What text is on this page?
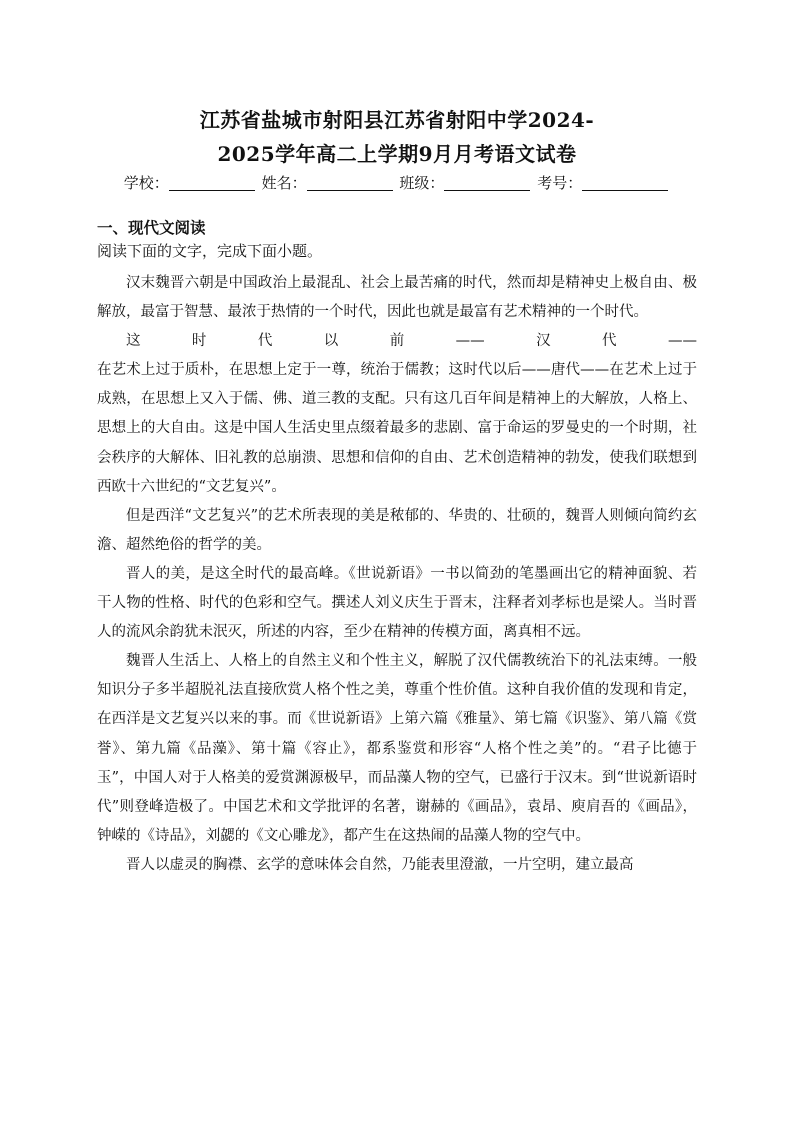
江苏省盐城市射阳县江苏省射阳中学2024-
2025学年高二上学期9月月考语文试卷
学校：	姓名：	班级：	考号：
一、现代文阅读
阅读下面的文字，完成下面小题。

汉末魏晋六朝是中国政治上最混乱、社会上最苦痛的时代，然而却是精神史上极自由、极解放，最富于智慧、最浓于热情的一个时代，因此也就是最富有艺术精神的一个时代。

这时代以前——汉代——

在艺术上过于质朴，在思想上定于一尊，统治于儒教；这时代以后——唐代——在艺术上过于成熟，在思想上又入于儒、佛、道三教的支配。只有这几百年间是精神上的大解放，人格上、思想上的大自由。这是中国人生活史里点缀着最多的悲剧、富于命运的罗曼史的一个时期，社会秩序的大解体、旧礼教的总崩溃、思想和信仰的自由、艺术创造精神的勃发，使我们联想到西欧十六世纪的“文艺复兴”。

但是西洋“文艺复兴”的艺术所表现的美是秾郁的、华贵的、壮硕的，魏晋人则倾向简约玄澹、超然绝俗的哲学的美。

晋人的美，是这全时代的最高峰。《世说新语》一书以简劲的笔墨画出它的精神面貌、若干人物的性格、时代的色彩和空气。撰述人刘义庆生于晋末，注释者刘孝标也是梁人。当时晋人的流风余韵犹未泯灭，所述的内容，至少在精神的传模方面，离真相不远。

魏晋人生活上、人格上的自然主义和个性主义，解脱了汉代儒教统治下的礼法束缚。一般知识分子多半超脱礼法直接欣赏人格个性之美，尊重个性价值。这种自我价值的发现和肯定，在西洋是文艺复兴以来的事。而《世说新语》上第六篇《雅量》、第七篇《识鉴》、第八篇《赏誉》、第九篇《品藻》、第十篇《容止》，都系鉴赏和形容“人格个性之美”的。“君子比德于玉”，中国人对于人格美的爱赏渊源极早，而品藻人物的空气，已盛行于汉末。到“世说新语时代”则登峰造极了。中国艺术和文学批评的名著，谢赫的《画品》，袁昂、庾肩吾的《画品》，钟嵘的《诗品》，刘勰的《文心雕龙》，都产生在这热闹的品藻人物的空气中。

晋人以虚灵的胸襟、玄学的意味体会自然，乃能表里澄澈，一片空明，建立最高
